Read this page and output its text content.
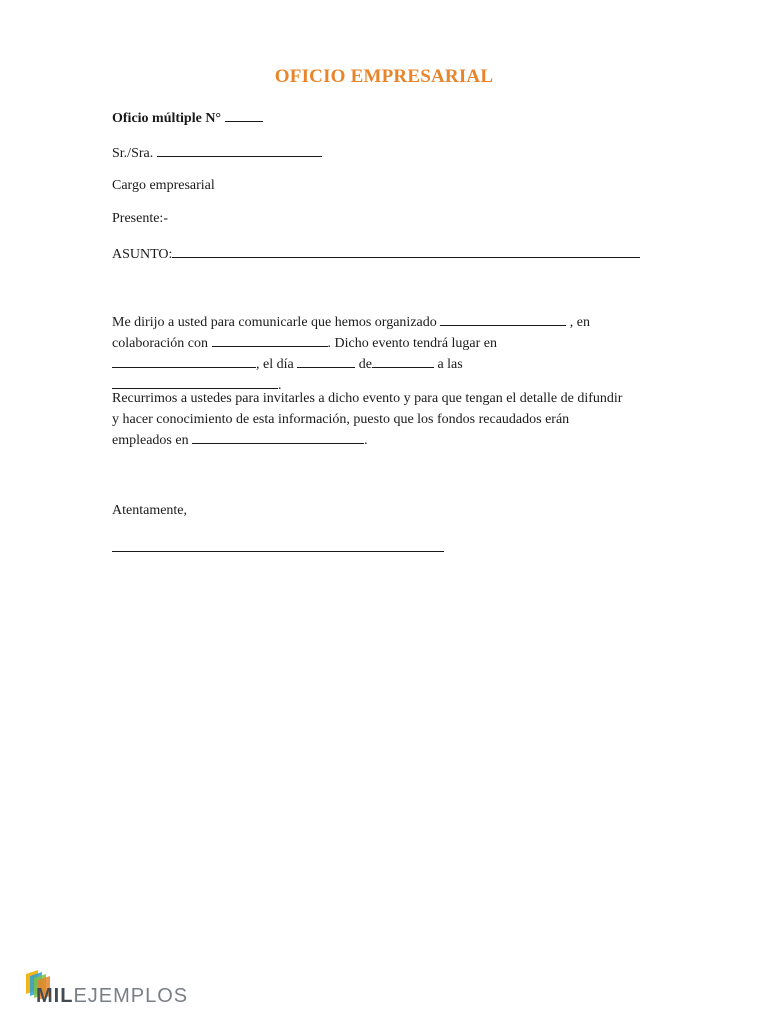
OFICIO EMPRESARIAL
Oficio múltiple N°
Sr./Sra.
Cargo empresarial
Presente:-
ASUNTO:
Me dirijo a usted para comunicarle que hemos organizado	, en
colaboración con	. Dicho evento tendrá lugar en
, el día	de	a las .
Recurrimos a ustedes para invitarles a dicho evento y para que tengan el detalle de difundir y hacer conocimiento de esta información, puesto que los fondos recaudados erán empleados en	.
Atentamente,
MILEJEMPLOS
